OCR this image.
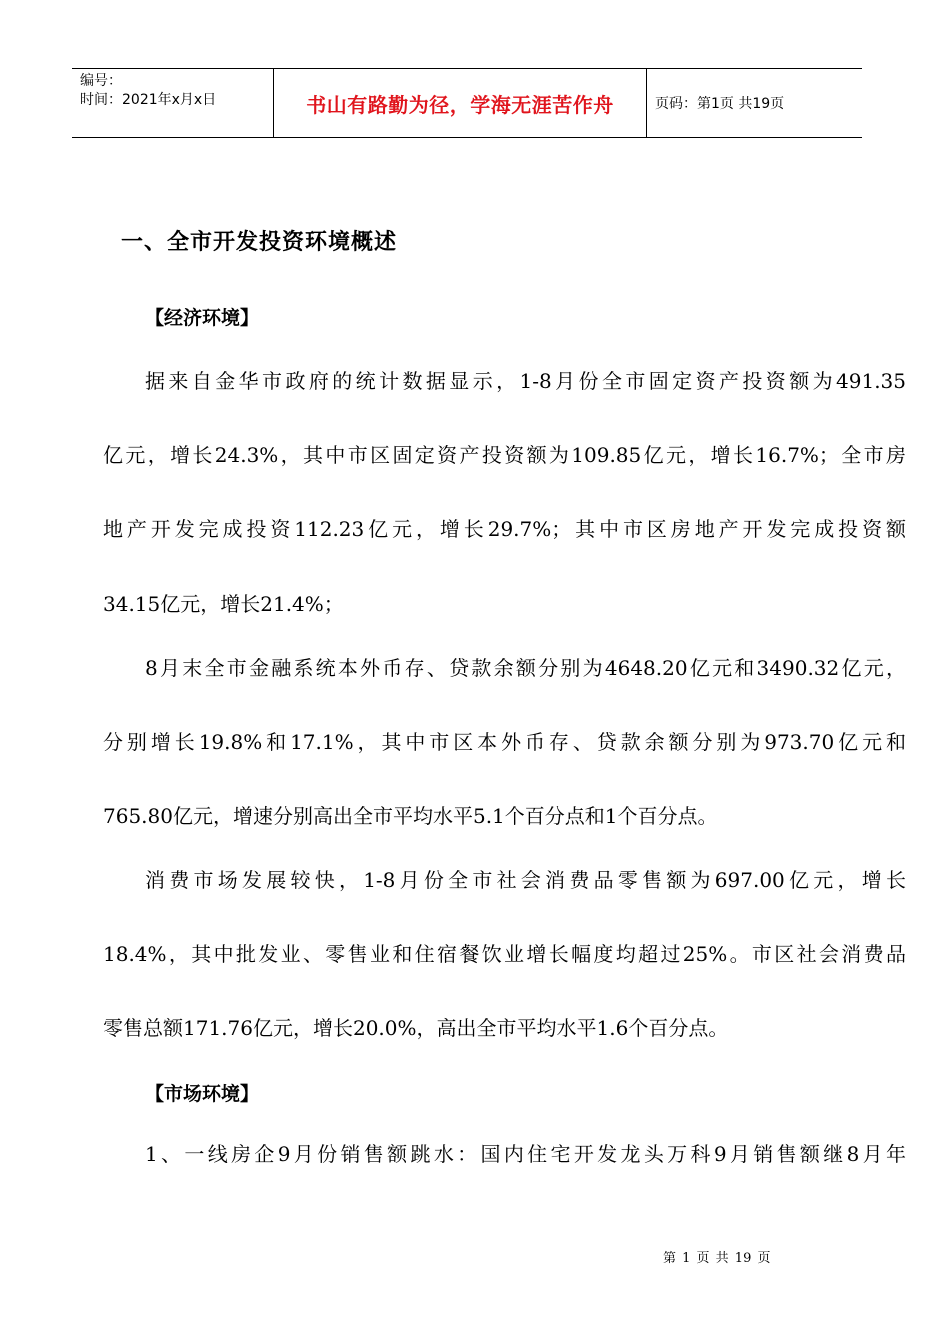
编号：
时间：2021年x月x日	书山有路勤为径，学海无涯苦作舟	页码：第1页 共19页
一、全市开发投资环境概述
【经济环境】
据来自金华市政府的统计数据显示，1-8月份全市固定资产投资额为491.35
亿元，增长24.3%，其中市区固定资产投资额为109.85亿元，增长16.7%；全市房
地产开发完成投资112.23亿元，增长29.7%；其中市区房地产开发完成投资额
34.15亿元，增长21.4%；
8月末全市金融系统本外币存、贷款余额分别为4648.20亿元和3490.32亿元，
分别增长19.8%和17.1%，其中市区本外币存、贷款余额分别为973.70亿元和
765.80亿元，增速分别高出全市平均水平5.1个百分点和1个百分点。
消费市场发展较快，1-8月份全市社会消费品零售额为697.00亿元，增长
18.4%，其中批发业、零售业和住宿餐饮业增长幅度均超过25%。市区社会消费品
零售总额171.76亿元，增长20.0%，高出全市平均水平1.6个百分点。
【市场环境】
1、一线房企9月份销售额跳水：国内住宅开发龙头万科9月销售额继8月年
第 1 页 共 19 页
